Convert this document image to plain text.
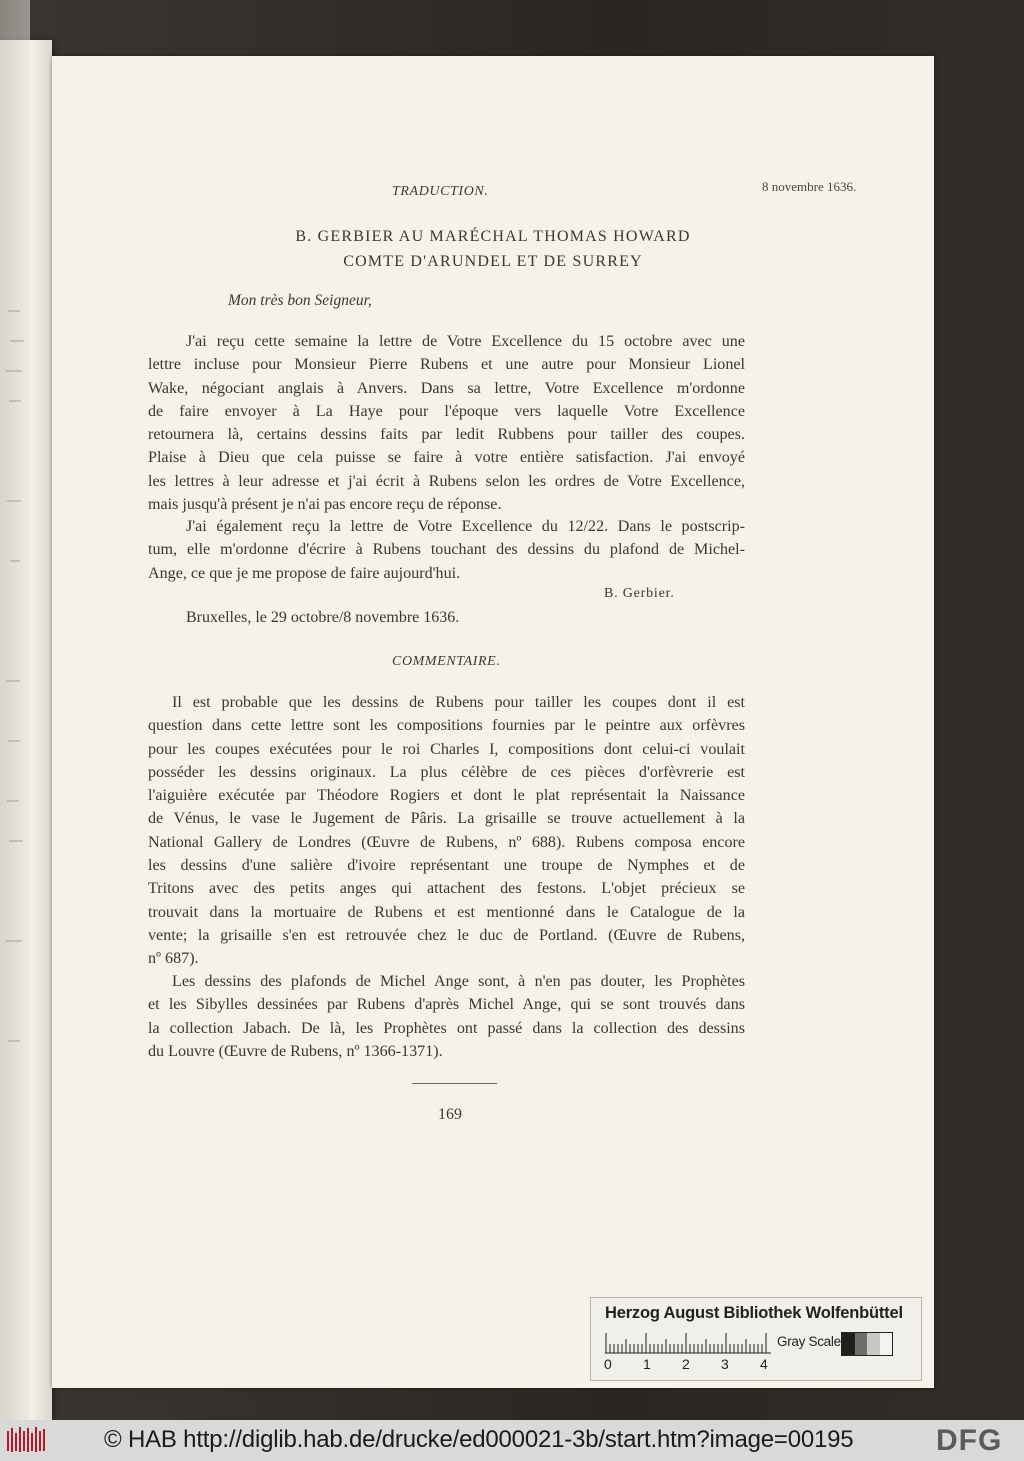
TRADUCTION.	8 novembre 1636.
B. GERBIER AU MARÉCHAL THOMAS HOWARD
COMTE D'ARUNDEL ET DE SURREY
Mon très bon Seigneur,
J'ai reçu cette semaine la lettre de Votre Excellence du 15 octobre avec une
lettre incluse pour Monsieur Pierre Rubens et une autre pour Monsieur Lionel
Wake, négociant anglais à Anvers. Dans sa lettre, Votre Excellence m'ordonne
de faire envoyer à La Haye pour l'époque vers laquelle Votre Excellence
retournera là, certains dessins faits par ledit Rubbens pour tailler des coupes.
Plaise à Dieu que cela puisse se faire à votre entière satisfaction. J'ai envoyé
les lettres à leur adresse et j'ai écrit à Rubens selon les ordres de Votre Excellence,
mais jusqu'à présent je n'ai pas encore reçu de réponse.
J'ai également reçu la lettre de Votre Excellence du 12/22. Dans le postscrip-
tum, elle m'ordonne d'écrire à Rubens touchant des dessins du plafond de Michel-
Ange, ce que je me propose de faire aujourd'hui.
B. Gerbier.
Bruxelles, le 29 octobre/8 novembre 1636.
COMMENTAIRE.
Il est probable que les dessins de Rubens pour tailler les coupes dont il est
question dans cette lettre sont les compositions fournies par le peintre aux orfèvres
pour les coupes exécutées pour le roi Charles I, compositions dont celui-ci voulait
posséder les dessins originaux. La plus célèbre de ces pièces d'orfèvrerie est
l'aiguière exécutée par Théodore Rogiers et dont le plat représentait la Naissance
de Vénus, le vase le Jugement de Pâris. La grisaille se trouve actuellement à la
National Gallery de Londres (Œuvre de Rubens, nº 688). Rubens composa encore
les dessins d'une salière d'ivoire représentant une troupe de Nymphes et de
Tritons avec des petits anges qui attachent des festons. L'objet précieux se
trouvait dans la mortuaire de Rubens et est mentionné dans le Catalogue de la
vente; la grisaille s'en est retrouvée chez le duc de Portland. (Œuvre de Rubens,
nº 687).
Les dessins des plafonds de Michel Ange sont, à n'en pas douter, les Prophètes
et les Sibylles dessinées par Rubens d'après Michel Ange, qui se sont trouvés dans
la collection Jabach. De là, les Prophètes ont passé dans la collection des dessins
du Louvre (Œuvre de Rubens, nº 1366-1371).
169
Herzog August Bibliothek Wolfenbüttel
Gray Scale
0 1 2 3 4
© HAB http://diglib.hab.de/drucke/ed000021-3b/start.htm?image=00195	DFG
